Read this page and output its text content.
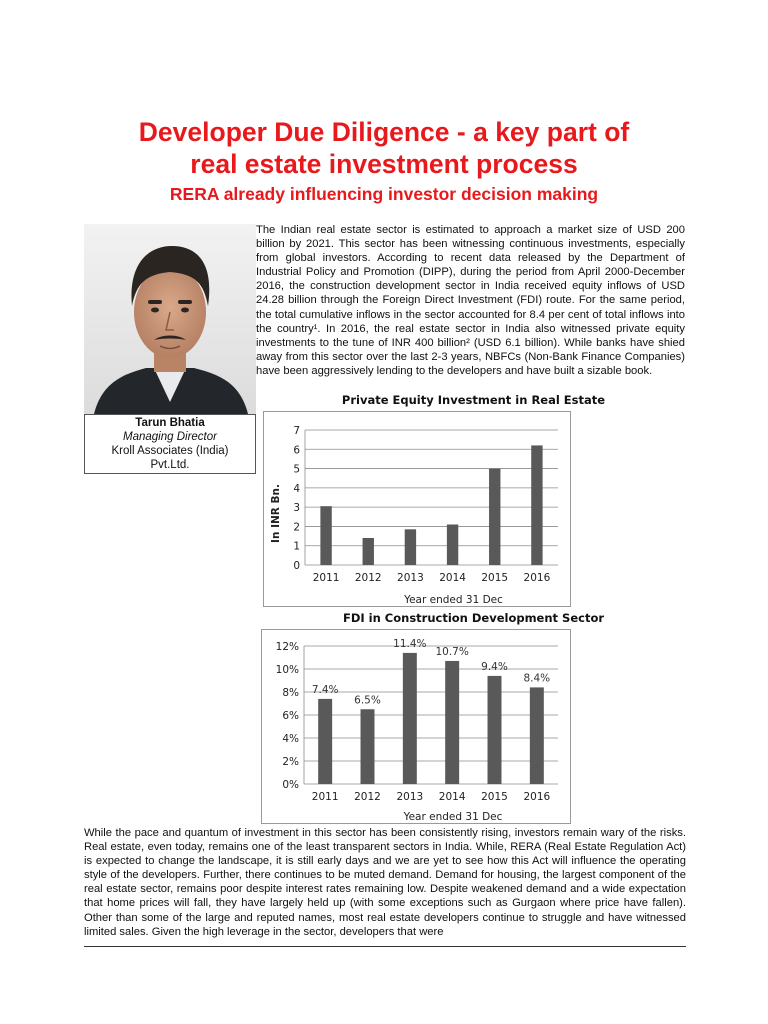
Developer Due Diligence - a key part of
real estate investment process
RERA already influencing investor decision making
Tarun Bhatia
Managing Director
Kroll Associates (India)
Pvt.Ltd.

The Indian real estate sector is estimated to approach a market size of USD 200 billion by 2021. This sector has been witnessing continuous investments, especially from global investors. According to recent data released by the Department of Industrial Policy and Promotion (DIPP), during the period from April 2000-December 2016, the construction development sector in India received equity inflows of USD 24.28 billion through the Foreign Direct Investment (FDI) route. For the same period, the total cumulative inflows in the sector accounted for 8.4 per cent of total inflows into the country¹. In 2016, the real estate sector in India also witnessed private equity investments to the tune of INR 400 billion² (USD 6.1 billion). While banks have shied away from this sector over the last 2-3 years, NBFCs (Non-Bank Finance Companies) have been aggressively lending to the developers and have built a sizable book.

Private Equity Investment in Real Estate
0
1
2
3
4
5
6
7
2011 2012 2013 2014 2015 2016
Year ended 31 Dec
In INR Bn.
FDI in Construction Development Sector
0%
2%
4%
6%
8%
10%
12%
2011
7.4%
2012
6.5%
2013
11.4%
2014
10.7%
2015
9.4%
2016
8.4%
Year ended 31 Dec

While the pace and quantum of investment in this sector has been consistently rising, investors remain wary of the risks. Real estate, even today, remains one of the least transparent sectors in India. While, RERA (Real Estate Regulation Act) is expected to change the landscape, it is still early days and we are yet to see how this Act will influence the operating style of the developers. Further, there continues to be muted demand. Demand for housing, the largest component of the real estate sector, remains poor despite interest rates remaining low. Despite weakened demand and a wide expectation that home prices will fall, they have largely held up (with some exceptions such as Gurgaon where price have fallen). Other than some of the large and reputed names, most real estate developers continue to struggle and have witnessed limited sales. Given the high leverage in the sector, developers that were
